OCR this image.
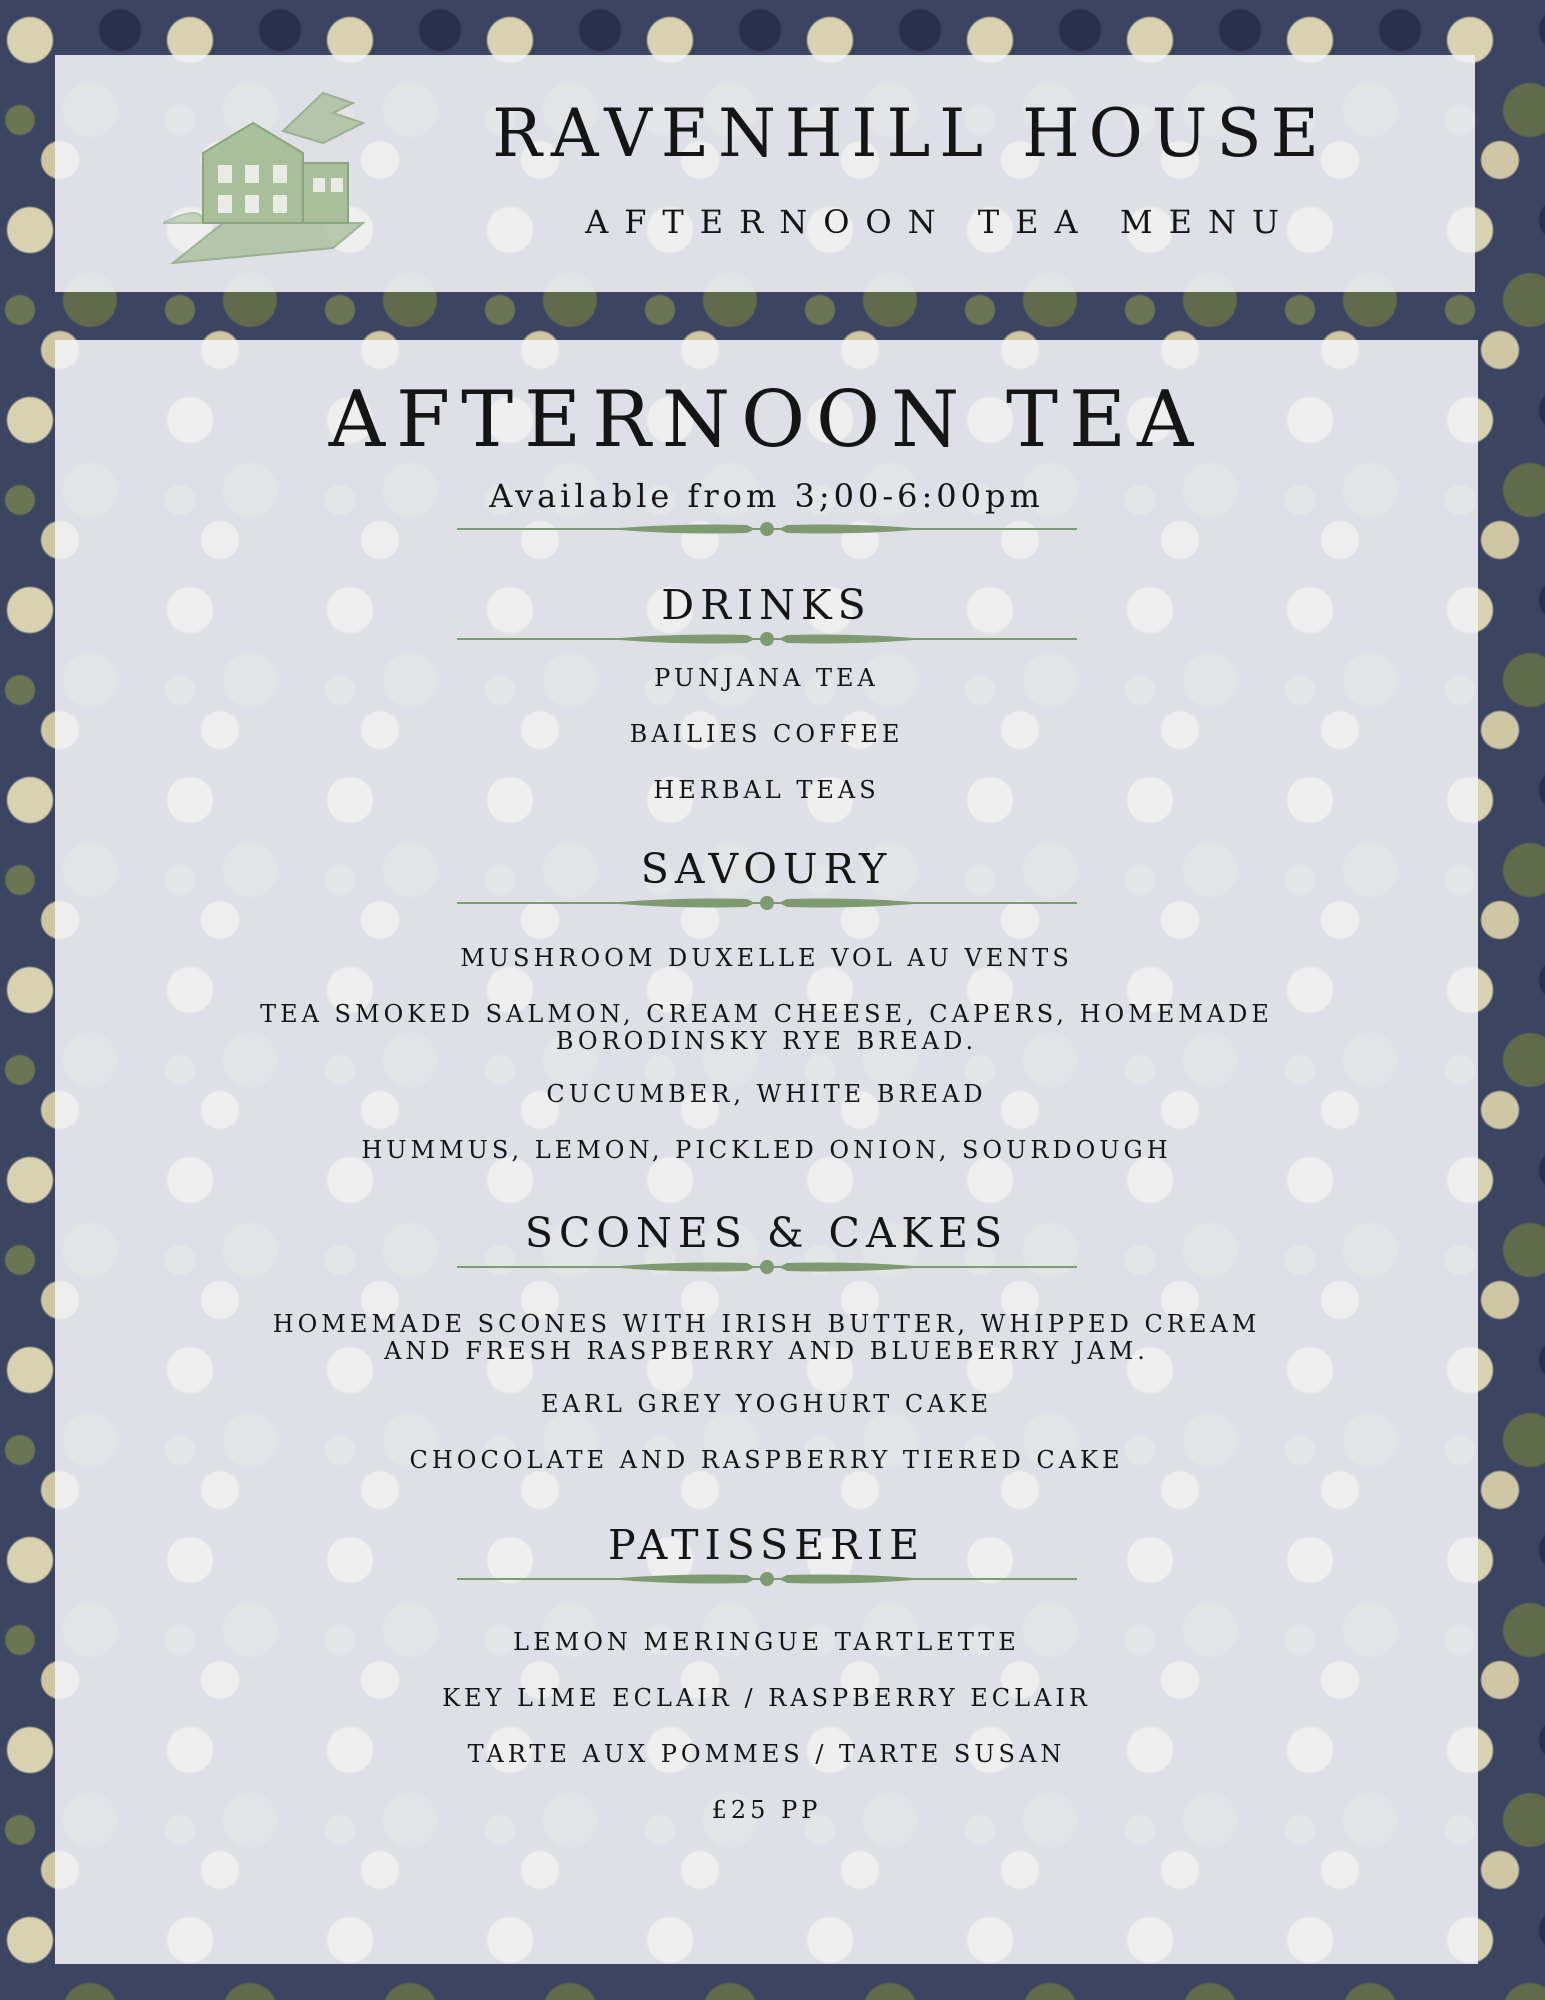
RAVENHILL HOUSE
AFTERNOON TEA MENU
AFTERNOON TEA
Available from 3;00-6:00pm
DRINKS
PUNJANA TEA
BAILIES COFFEE
HERBAL TEAS
SAVOURY
MUSHROOM DUXELLE VOL AU VENTS
TEA SMOKED SALMON, CREAM CHEESE, CAPERS, HOMEMADE
BORODINSKY RYE BREAD.
CUCUMBER, WHITE BREAD
HUMMUS, LEMON, PICKLED ONION, SOURDOUGH
SCONES & CAKES
HOMEMADE SCONES WITH IRISH BUTTER, WHIPPED CREAM
AND FRESH RASPBERRY AND BLUEBERRY JAM.
EARL GREY YOGHURT CAKE
CHOCOLATE AND RASPBERRY TIERED CAKE
PATISSERIE
LEMON MERINGUE TARTLETTE
KEY LIME ECLAIR / RASPBERRY ECLAIR
TARTE AUX POMMES / TARTE SUSAN
£25 PP
